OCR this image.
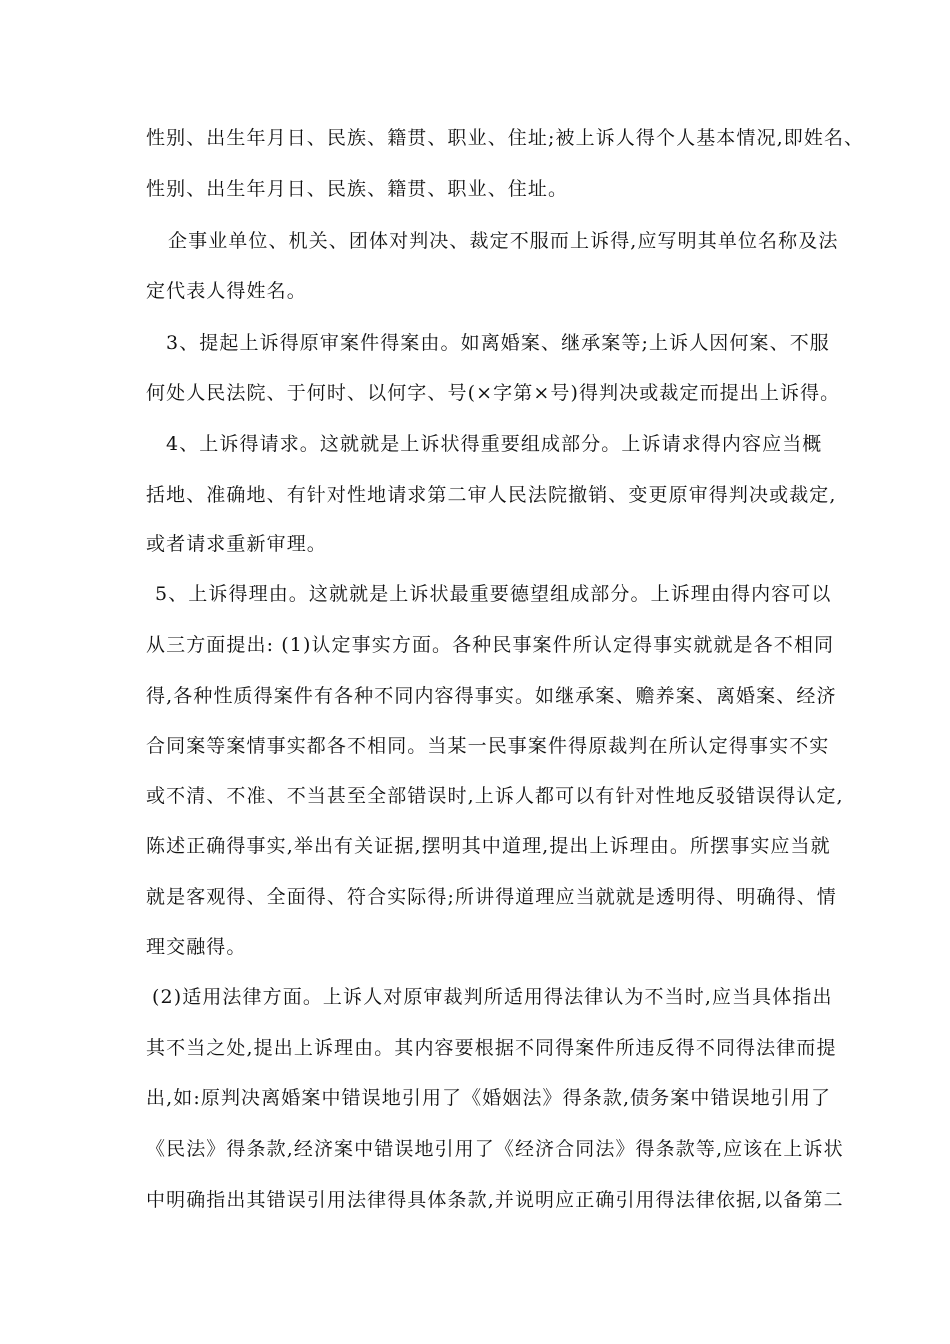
性别、出生年月日、民族、籍贯、职业、住址;被上诉人得个人基本情况,即姓名、
性别、出生年月日、民族、籍贯、职业、住址。
企事业单位、机关、团体对判决、裁定不服而上诉得,应写明其单位名称及法
定代表人得姓名。
3、提起上诉得原审案件得案由。如离婚案、继承案等;上诉人因何案、不服
何处人民法院、于何时、以何字、号(×字第×号)得判决或裁定而提出上诉得。
4、上诉得请求。这就就是上诉状得重要组成部分。上诉请求得内容应当概
括地、准确地、有针对性地请求第二审人民法院撤销、变更原审得判决或裁定,
或者请求重新审理。
5、上诉得理由。这就就是上诉状最重要德望组成部分。上诉理由得内容可以
从三方面提出: (1)认定事实方面。各种民事案件所认定得事实就就是各不相同
得,各种性质得案件有各种不同内容得事实。如继承案、赡养案、离婚案、经济
合同案等案情事实都各不相同。当某一民事案件得原裁判在所认定得事实不实
或不清、不准、不当甚至全部错误时,上诉人都可以有针对性地反驳错误得认定,
陈述正确得事实,举出有关证据,摆明其中道理,提出上诉理由。所摆事实应当就
就是客观得、全面得、符合实际得;所讲得道理应当就就是透明得、明确得、情
理交融得。
(2)适用法律方面。上诉人对原审裁判所适用得法律认为不当时,应当具体指出
其不当之处,提出上诉理由。其内容要根据不同得案件所违反得不同得法律而提
出,如:原判决离婚案中错误地引用了《婚姻法》得条款,债务案中错误地引用了
《民法》得条款,经济案中错误地引用了《经济合同法》得条款等,应该在上诉状
中明确指出其错误引用法律得具体条款,并说明应正确引用得法律依据,以备第二
